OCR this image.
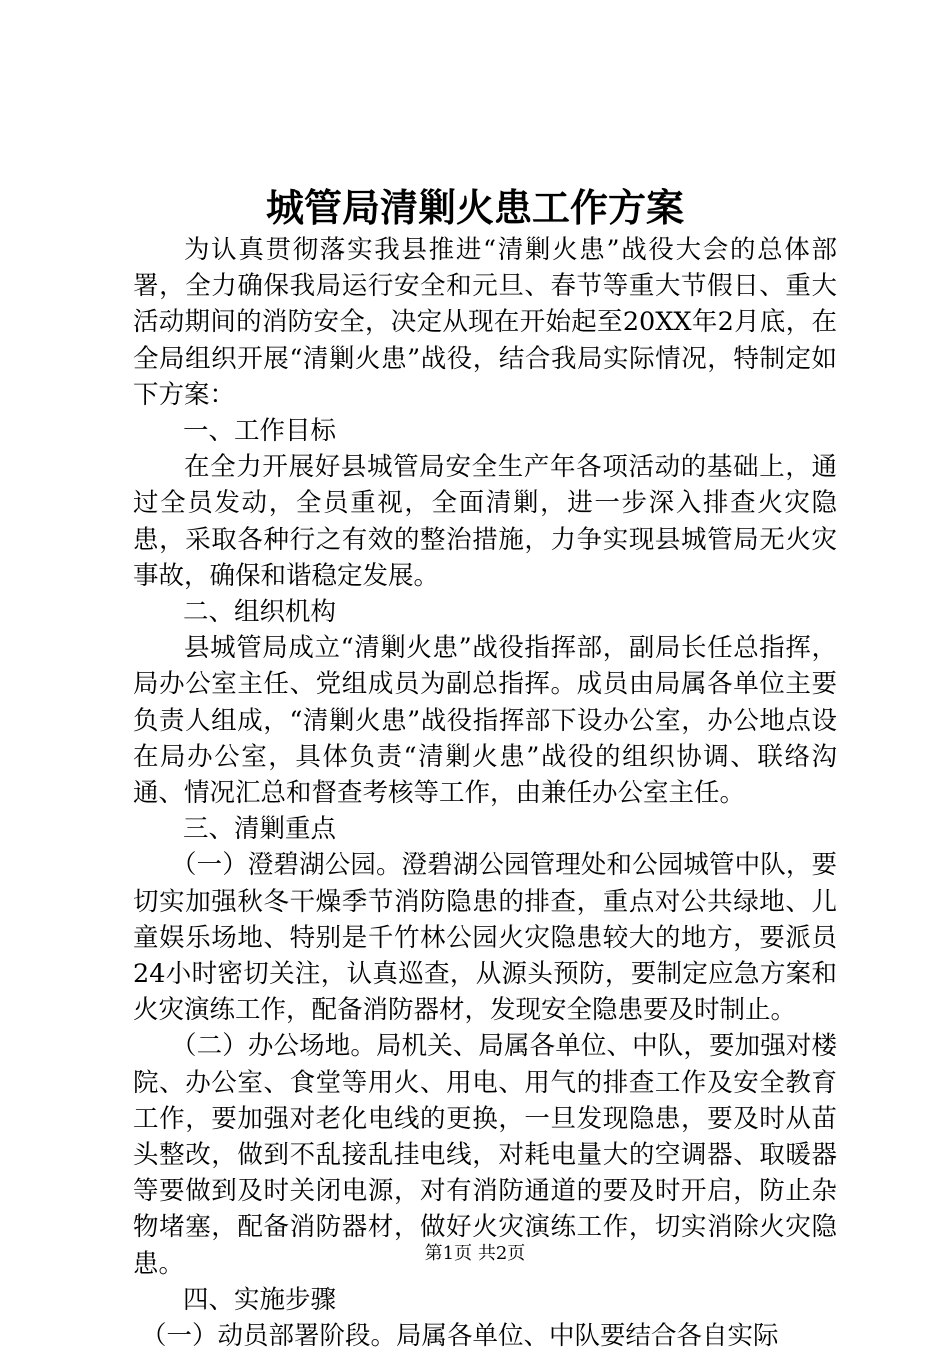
城管局清剿火患工作方案

为认真贯彻落实我县推进“清剿火患”战役大会的总体部署，全力确保我局运行安全和元旦、春节等重大节假日、重大活动期间的消防安全，决定从现在开始起至20XX年2月底，在全局组织开展“清剿火患”战役，结合我局实际情况，特制定如下方案：

一、工作目标

在全力开展好县城管局安全生产年各项活动的基础上，通过全员发动，全员重视，全面清剿，进一步深入排查火灾隐患，采取各种行之有效的整治措施，力争实现县城管局无火灾事故，确保和谐稳定发展。

二、组织机构

县城管局成立“清剿火患”战役指挥部，副局长任总指挥，局办公室主任、党组成员为副总指挥。成员由局属各单位主要负责人组成，“清剿火患”战役指挥部下设办公室，办公地点设在局办公室，具体负责“清剿火患”战役的组织协调、联络沟通、情况汇总和督查考核等工作，由兼任办公室主任。

三、清剿重点

（一）澄碧湖公园。澄碧湖公园管理处和公园城管中队，要切实加强秋冬干燥季节消防隐患的排查，重点对公共绿地、儿童娱乐场地、特别是千竹林公园火灾隐患较大的地方，要派员24小时密切关注，认真巡查，从源头预防，要制定应急方案和火灾演练工作，配备消防器材，发现安全隐患要及时制止。

（二）办公场地。局机关、局属各单位、中队，要加强对楼院、办公室、食堂等用火、用电、用气的排查工作及安全教育工作，要加强对老化电线的更换，一旦发现隐患，要及时从苗头整改，做到不乱接乱挂电线，对耗电量大的空调器、取暖器等要做到及时关闭电源，对有消防通道的要及时开启，防止杂物堵塞，配备消防器材，做好火灾演练工作，切实消除火灾隐患。

四、实施步骤

（一）动员部署阶段。局属各单位、中队要结合各自实际

第1页 共2页
